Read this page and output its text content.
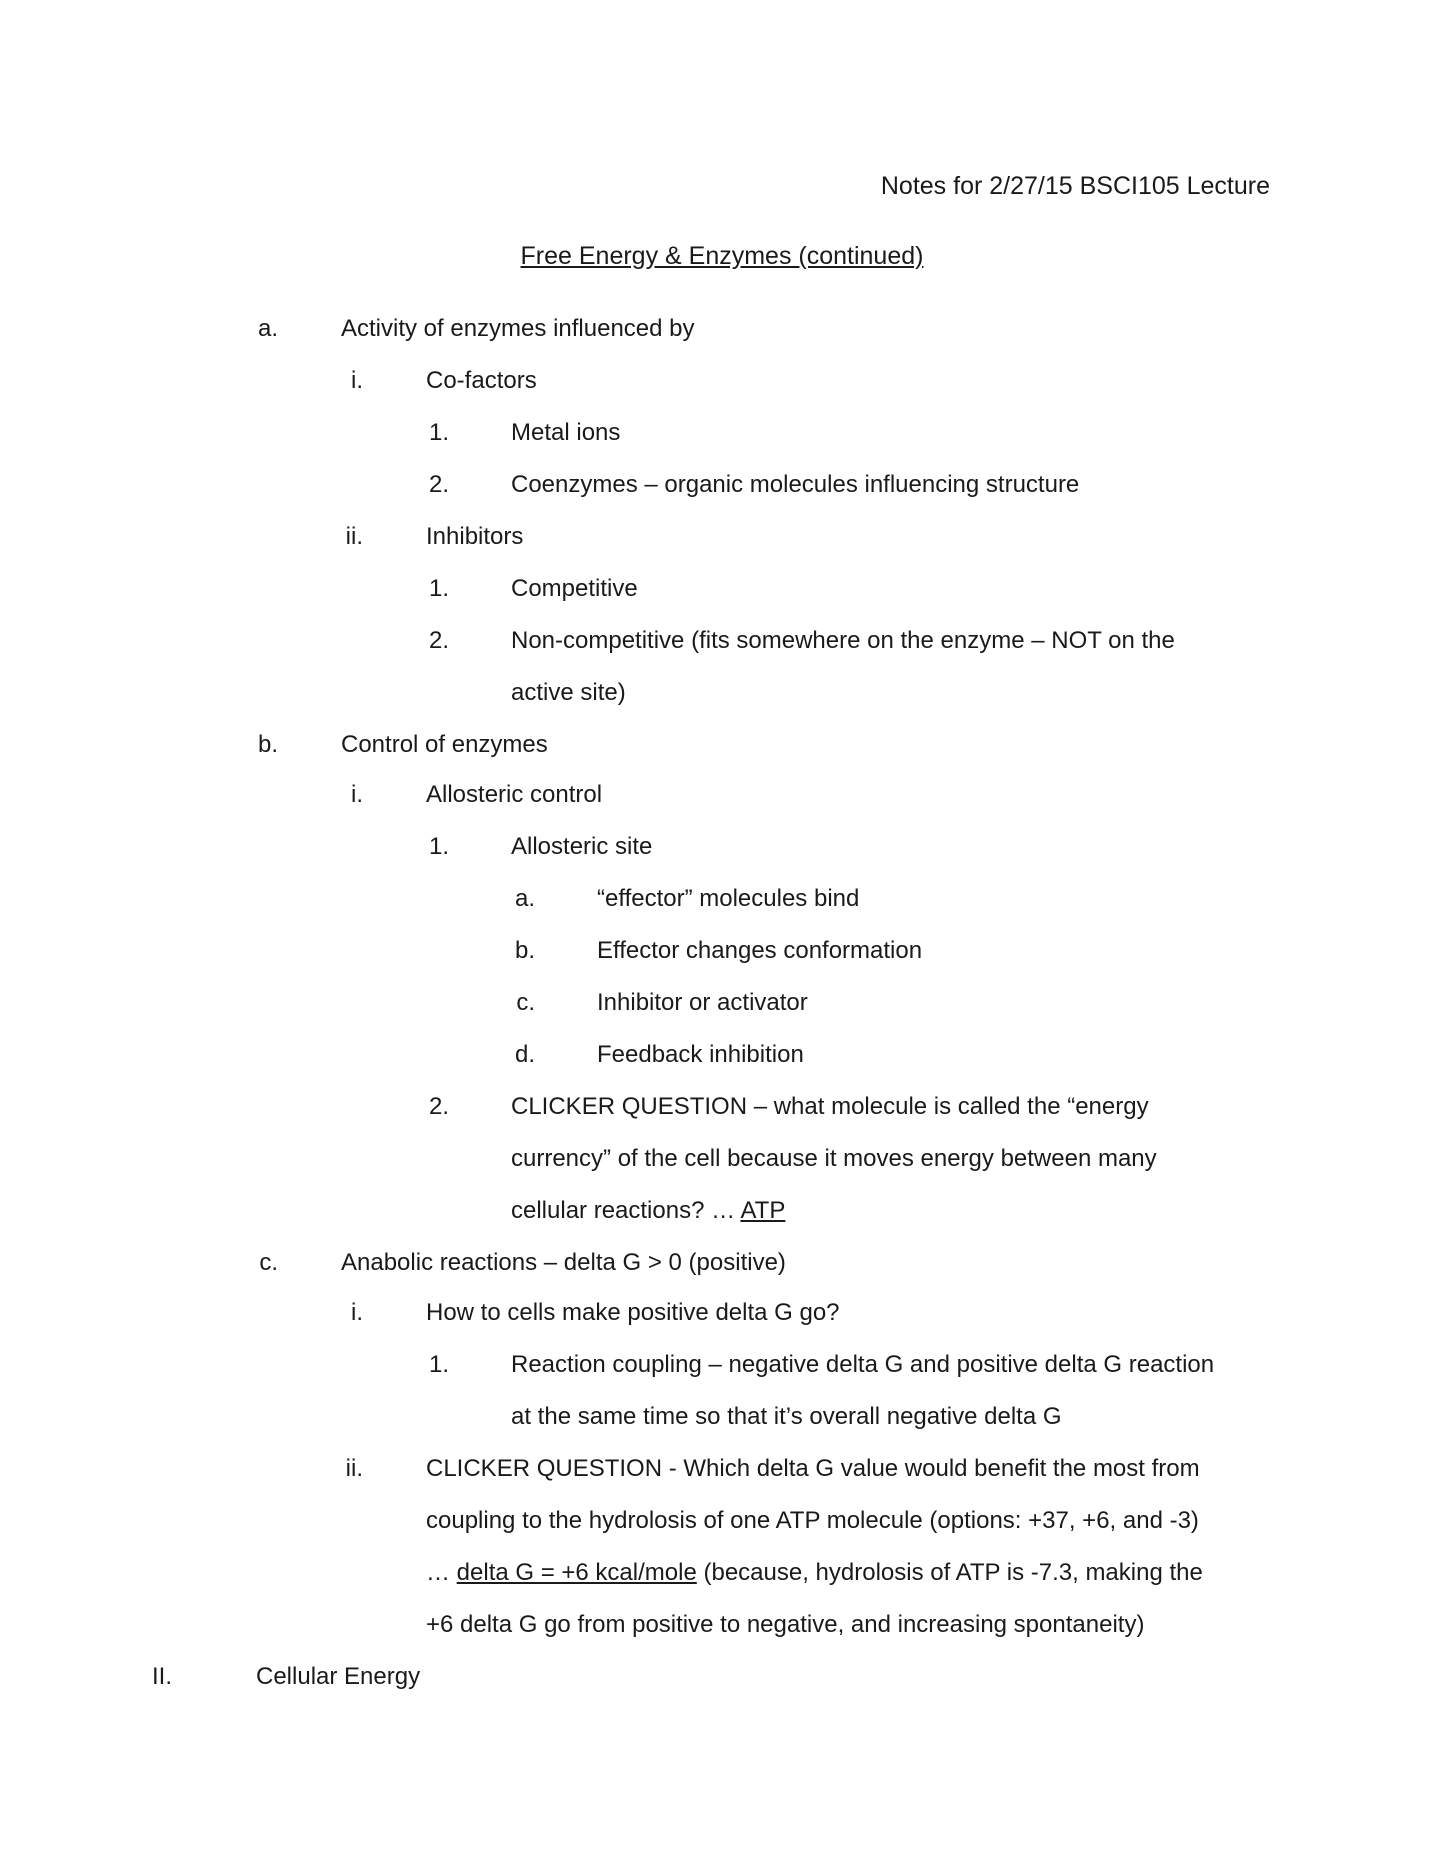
Notes for 2/27/15 BSCI105 Lecture
Free Energy & Enzymes (continued)
a.	Activity of enzymes influenced by
i.	Co-factors
1.	Metal ions
2.	Coenzymes – organic molecules influencing structure
ii.	Inhibitors
1.	Competitive
2.	Non-competitive (fits somewhere on the enzyme – NOT on the
active site)
b.	Control of enzymes
i.	Allosteric control
1.	Allosteric site
a.	“effector” molecules bind
b.	Effector changes conformation
c.	Inhibitor or activator
d.	Feedback inhibition
2.	CLICKER QUESTION – what molecule is called the “energy
currency” of the cell because it moves energy between many
cellular reactions? … ATP
c.	Anabolic reactions – delta G > 0 (positive)
i.	How to cells make positive delta G go?
1.	Reaction coupling – negative delta G and positive delta G reaction
at the same time so that it’s overall negative delta G
ii.	CLICKER QUESTION - Which delta G value would benefit the most from
coupling to the hydrolosis of one ATP molecule (options: +37, +6, and -3)
… delta G = +6 kcal/mole (because, hydrolosis of ATP is -7.3, making the
+6 delta G go from positive to negative, and increasing spontaneity)
II.	Cellular Energy
